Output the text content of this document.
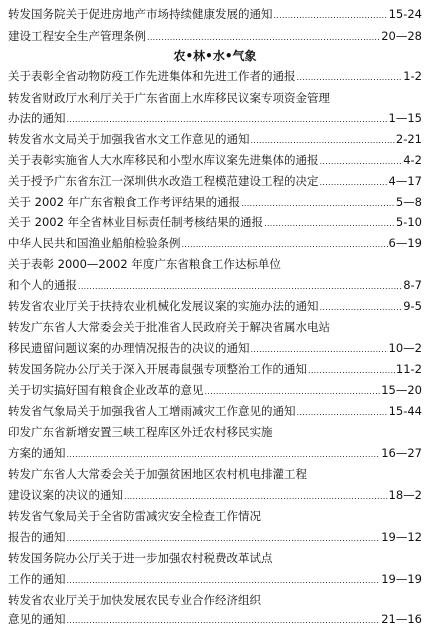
转发国务院关于促进房地产市场持续健康发展的通知 .....	15-24
建设工程安全生产管理条例 .....	20—28
农•林•水•气象
关于表彰全省动物防疫工作先进集体和先进工作者的通报 .....	1-2
转发省财政厅水利厅关于广东省面上水库移民议案专项资金管理
办法的通知 .....	1—15
转发省水文局关于加强我省水文工作意见的通知 .....	2-21
关于表彰实施省人大水库移民和小型水库议案先进集体的通报 .....	4-2
关于授予广东省东江一深圳供水改造工程模范建设工程的决定 .....	4—17
关于 2002 年广东省粮食工作考评结果的通报 .....	5—8
关于 2002 年全省林业目标责任制考核结果的通报 .....	5-10
中华人民共和国渔业船舶检验条例 .....	6—19
关于表彰 2000—2002 年度广东省粮食工作达标单位
和个人的通报 .....	8-7
转发省农业厅关于扶持农业机械化发展议案的实施办法的通知 .....	9-5
转发广东省人大常委会关于批准省人民政府关于解决省属水电站
移民遗留问题议案的办理情况报告的决议的通知 .....	10—2
转发国务院办公厅关于深入开展毒鼠强专项整治工作的通知 .....	11-2
关于切实搞好国有粮食企业改革的意见 .....	15—20
转发省气象局关于加强我省人工增雨减灾工作意见的通知 .....	15-44
印发广东省新增安置三峡工程库区外迁农村移民实施
方案的通知 .....	16—27
转发广东省人大常委会关于加强贫困地区农村机电排灌工程
建设议案的决议的通知 .....	18—2
转发省气象局关于全省防雷减灾安全检查工作情况
报告的通知 .....	19—12
转发国务院办公厅关于进一步加强农村税费改革试点
工作的通知 .....	19—19
转发省农业厅关于加快发展农民专业合作经济组织
意见的通知 .....	21—16
